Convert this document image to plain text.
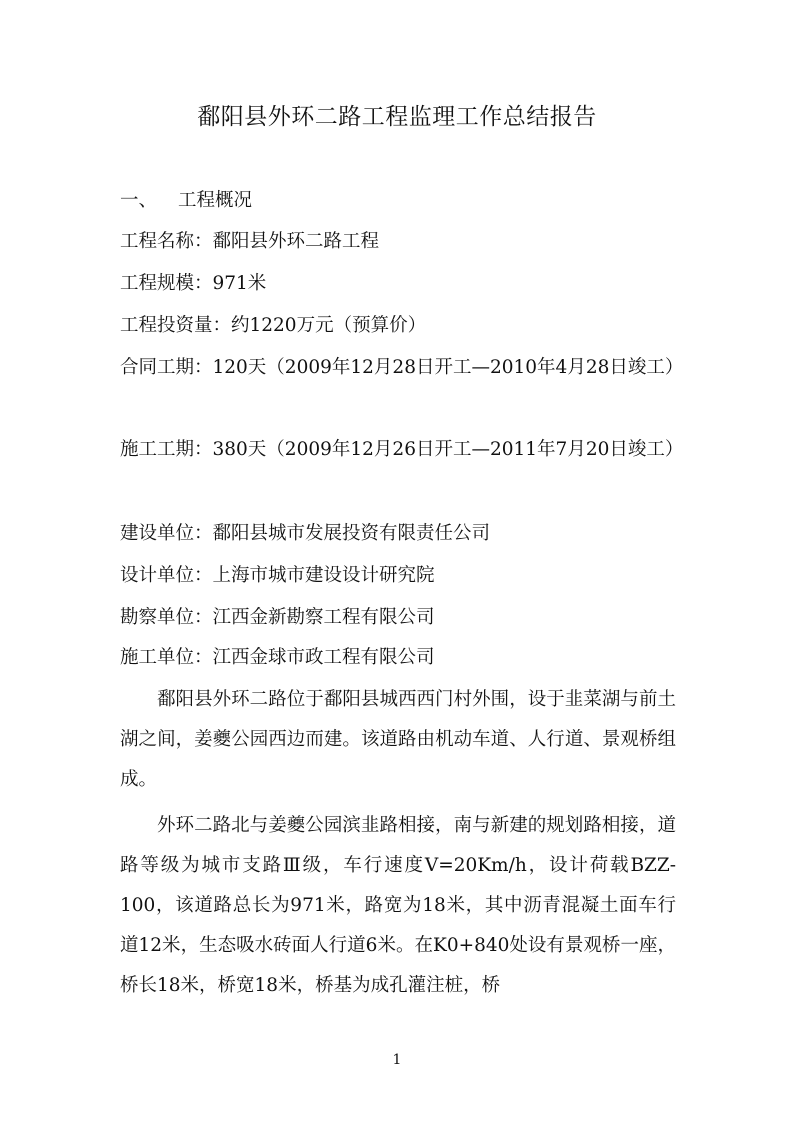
鄱阳县外环二路工程监理工作总结报告
一、 工程概况
工程名称：鄱阳县外环二路工程
工程规模：971米
工程投资量：约1220万元（预算价）
合同工期：120天（2009年12月28日开工—2010年4月28日竣工）
施工工期：380天（2009年12月26日开工—2011年7月20日竣工）
建设单位：鄱阳县城市发展投资有限责任公司
设计单位：上海市城市建设设计研究院
勘察单位：江西金新勘察工程有限公司
施工单位：江西金球市政工程有限公司
鄱阳县外环二路位于鄱阳县城西西门村外围，设于韭菜湖与前土湖之间，姜夔公园西边而建。该道路由机动车道、人行道、景观桥组成。
外环二路北与姜夔公园滨韭路相接，南与新建的规划路相接，道路等级为城市支路Ⅲ级，车行速度V=20Km/h，设计荷载BZZ-100，该道路总长为971米，路宽为18米，其中沥青混凝土面车行道12米，生态吸水砖面人行道6米。在K0+840处设有景观桥一座，桥长18米，桥宽18米，桥基为成孔灌注桩，桥
1
